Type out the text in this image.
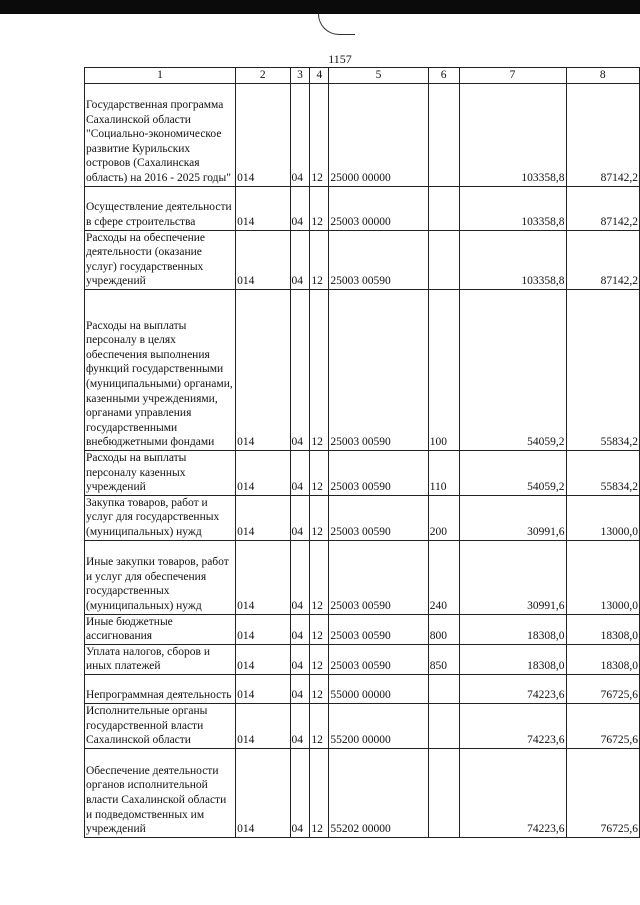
1157
1	2	3	4	5	6	7	8
Государственная программа Сахалинской области "Социально-экономическое развитие Курильских островов (Сахалинская область) на 2016 - 2025 годы"	014	04	12	25000 00000		103358,8	87142,2
Осуществление деятельности в сфере строительства	014	04	12	25003 00000		103358,8	87142,2
Расходы на обеспечение деятельности (оказание услуг) государственных учреждений	014	04	12	25003 00590		103358,8	87142,2
Расходы на выплаты персоналу в целях обеспечения выполнения функций государственными (муниципальными) органами, казенными учреждениями, органами управления государственными внебюджетными фондами	014	04	12	25003 00590	100	54059,2	55834,2
Расходы на выплаты персоналу казенных учреждений	014	04	12	25003 00590	110	54059,2	55834,2
Закупка товаров, работ и услуг для государственных (муниципальных) нужд	014	04	12	25003 00590	200	30991,6	13000,0
Иные закупки товаров, работ и услуг для обеспечения государственных (муниципальных) нужд	014	04	12	25003 00590	240	30991,6	13000,0
Иные бюджетные ассигнования	014	04	12	25003 00590	800	18308,0	18308,0
Уплата налогов, сборов и иных платежей	014	04	12	25003 00590	850	18308,0	18308,0
Непрограммная деятельность	014	04	12	55000 00000		74223,6	76725,6
Исполнительные органы государственной власти Сахалинской области	014	04	12	55200 00000		74223,6	76725,6
Обеспечение деятельности органов исполнительной власти Сахалинской области и подведомственных им учреждений	014	04	12	55202 00000		74223,6	76725,6
